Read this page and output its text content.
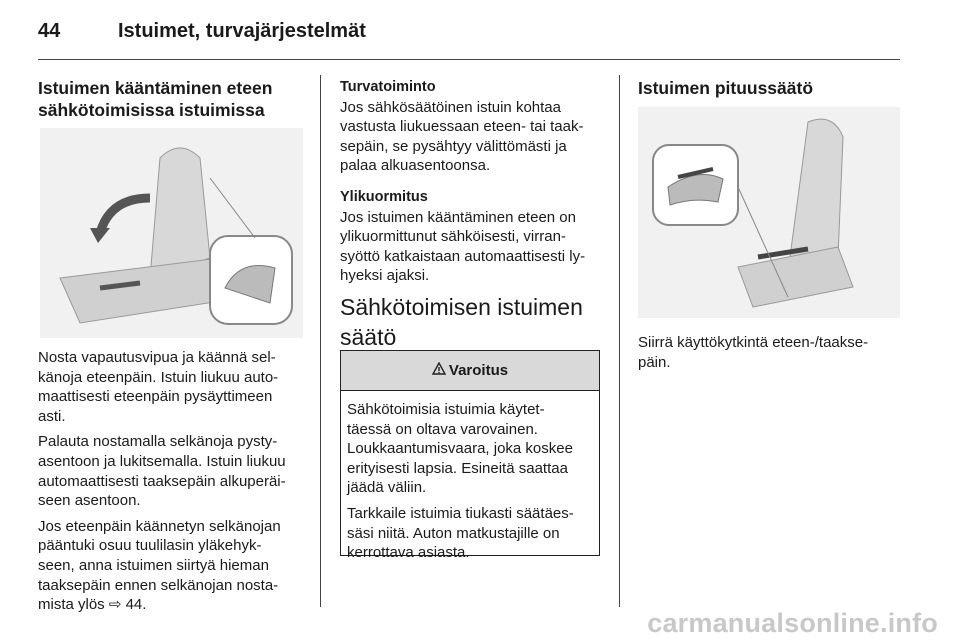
44	Istuimet, turvajärjestelmät
Istuimen kääntäminen eteen
sähkötoimisissa istuimissa
Nosta vapautusvipua ja käännä sel-
känoja eteenpäin. Istuin liukuu auto-
maattisesti eteenpäin pysäyttimeen
asti.
Palauta nostamalla selkänoja pysty-
asentoon ja lukitsemalla. Istuin liukuu
automaattisesti taaksepäin alkuperäi-
seen asentoon.
Jos eteenpäin käännetyn selkänojan
pääntuki osuu tuulilasin yläkehyk-
seen, anna istuimen siirtyä hieman
taaksepäin ennen selkänojan nosta-
mista ylös ⇨ 44.
Turvatoiminto
Jos sähkösäätöinen istuin kohtaa
vastusta liukuessaan eteen- tai taak-
sepäin, se pysähtyy välittömästi ja
palaa alkuasentoonsa.
Ylikuormitus
Jos istuimen kääntäminen eteen on
ylikuormittunut sähköisesti, virran-
syöttö katkaistaan automaattisesti ly-
hyeksi ajaksi.
Sähkötoimisen istuimen
säätö
Varoitus
Sähkötoimisia istuimia käytet-
täessä on oltava varovainen.
Loukkaantumisvaara, joka koskee
erityisesti lapsia. Esineitä saattaa
jäädä väliin.
Tarkkaile istuimia tiukasti säätäes-
säsi niitä. Auton matkustajille on
kerrottava asiasta.
Istuimen pituussäätö
Siirrä käyttökytkintä eteen-/taakse-
päin.
carmanualsonline.info
